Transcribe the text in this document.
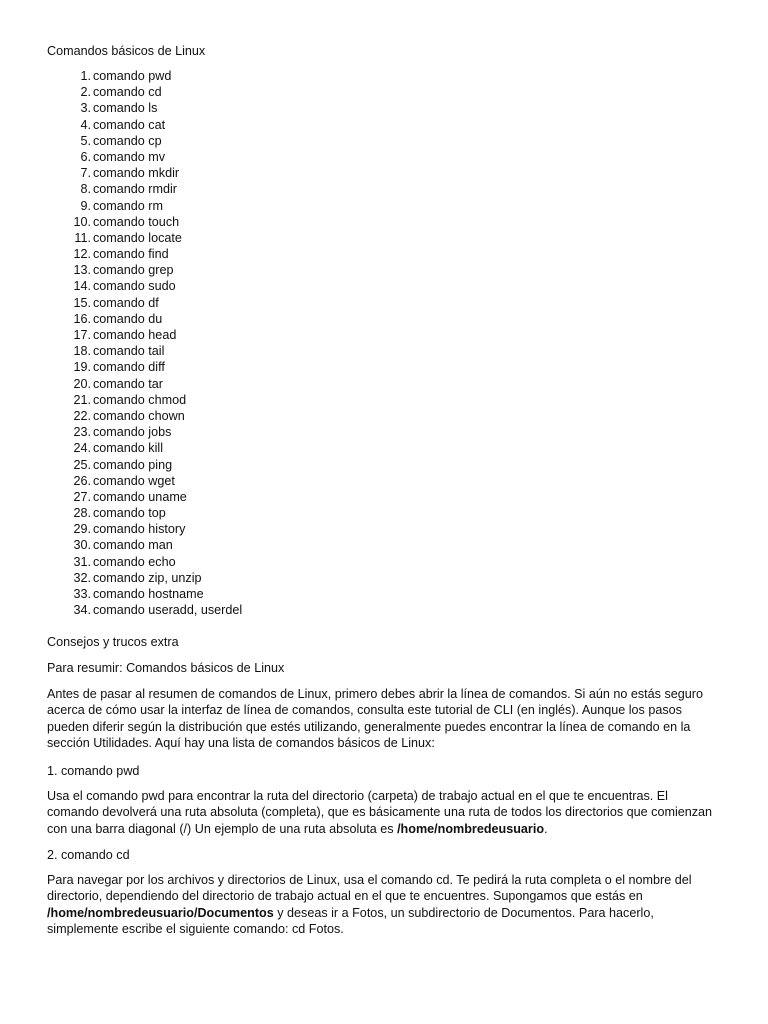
Comandos básicos de Linux
1. comando pwd
2. comando cd
3. comando ls
4. comando cat
5. comando cp
6. comando mv
7. comando mkdir
8. comando rmdir
9. comando rm
10. comando touch
11. comando locate
12. comando find
13. comando grep
14. comando sudo
15. comando df
16. comando du
17. comando head
18. comando tail
19. comando diff
20. comando tar
21. comando chmod
22. comando chown
23. comando jobs
24. comando kill
25. comando ping
26. comando wget
27. comando uname
28. comando top
29. comando history
30. comando man
31. comando echo
32. comando zip, unzip
33. comando hostname
34. comando useradd, userdel

Consejos y trucos extra

Para resumir: Comandos básicos de Linux

Antes de pasar al resumen de comandos de Linux, primero debes abrir la línea de comandos. Si aún no estás seguro acerca de cómo usar la interfaz de línea de comandos, consulta este tutorial de CLI (en inglés). Aunque los pasos pueden diferir según la distribución que estés utilizando, generalmente puedes encontrar la línea de comando en la sección Utilidades. Aquí hay una lista de comandos básicos de Linux:

1. comando pwd

Usa el comando pwd para encontrar la ruta del directorio (carpeta) de trabajo actual en el que te encuentras. El comando devolverá una ruta absoluta (completa), que es básicamente una ruta de todos los directorios que comienzan con una barra diagonal (/) Un ejemplo de una ruta absoluta es /home/nombredeusuario.

2. comando cd

Para navegar por los archivos y directorios de Linux, usa el comando cd. Te pedirá la ruta completa o el nombre del directorio, dependiendo del directorio de trabajo actual en el que te encuentres. Supongamos que estás en /home/nombredeusuario/Documentos y deseas ir a Fotos, un subdirectorio de Documentos. Para hacerlo, simplemente escribe el siguiente comando: cd Fotos.
